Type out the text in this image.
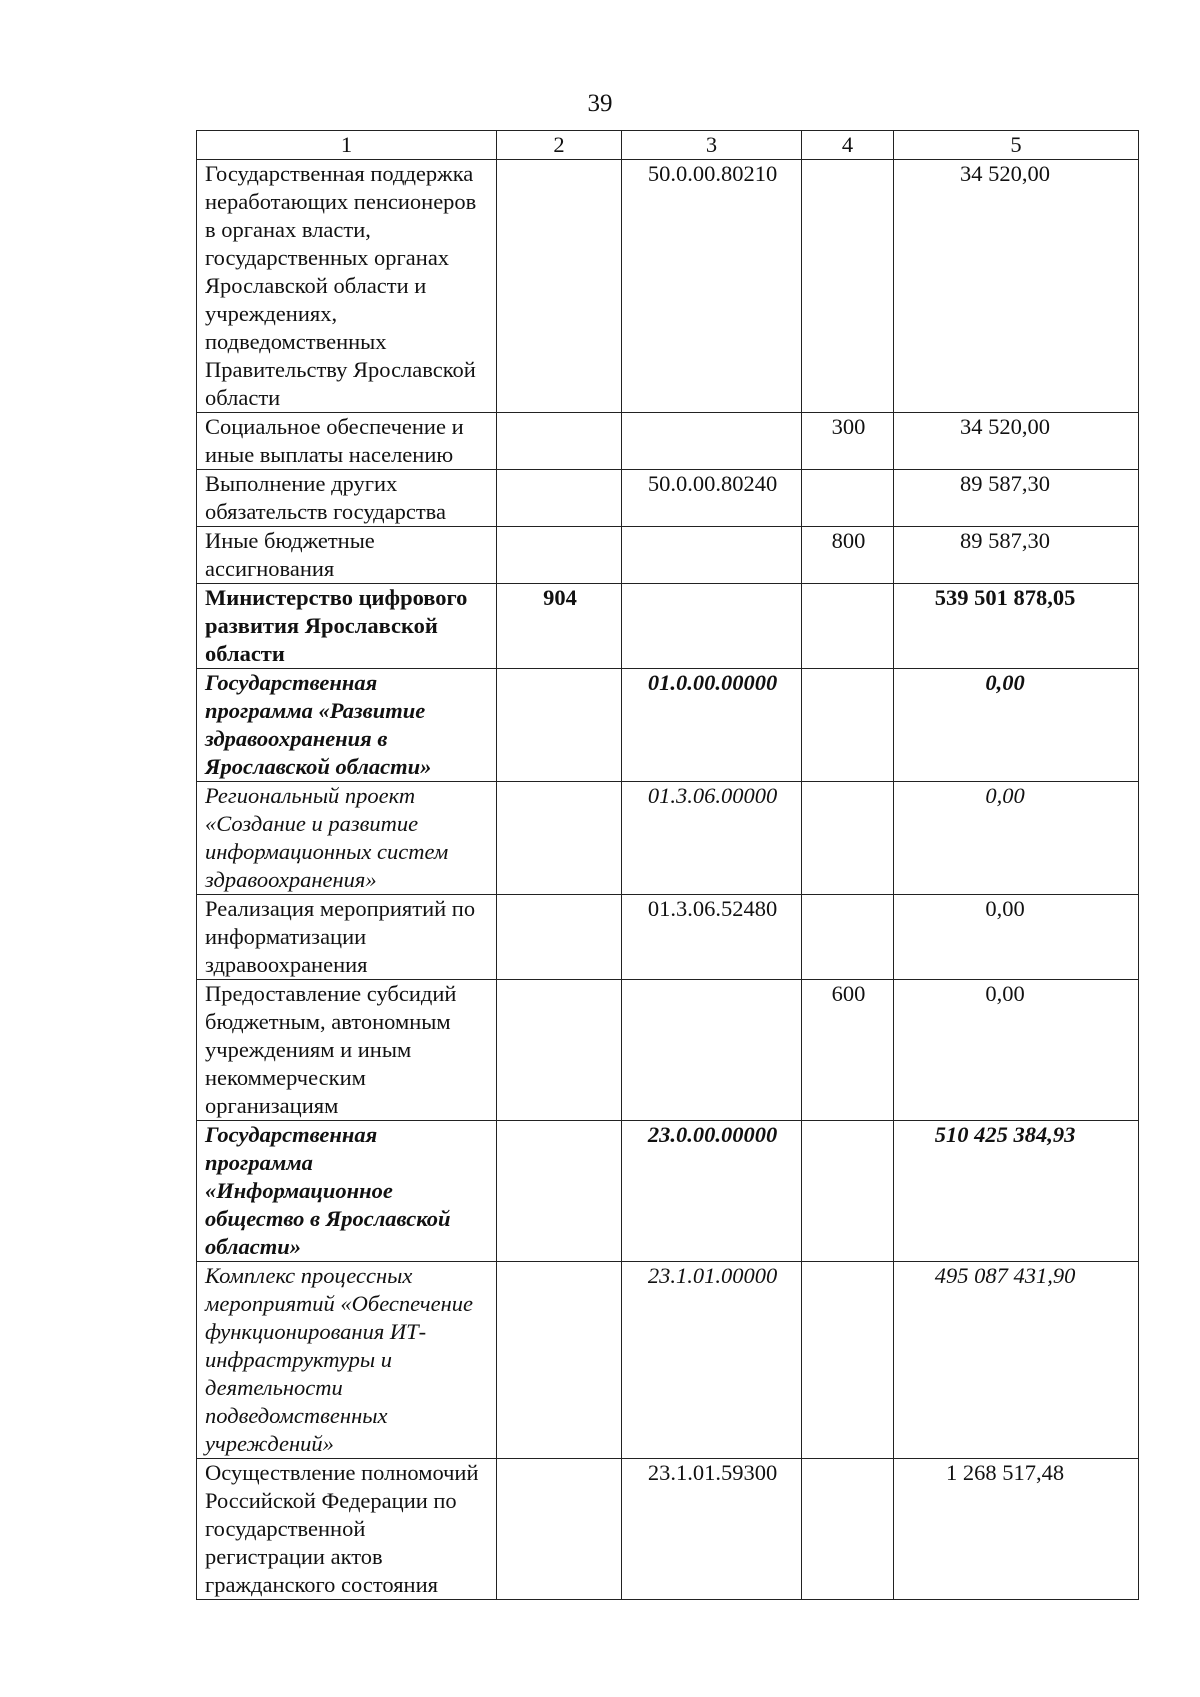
39
1	2	3	4	5
Государственная поддержка неработающих пенсионеров в органах власти, государственных органах Ярославской области и учреждениях, подведомственных Правительству Ярославской области		50.0.00.80210		34 520,00
Социальное обеспечение и иные выплаты населению			300	34 520,00
Выполнение других обязательств государства		50.0.00.80240		89 587,30
Иные бюджетные ассигнования			800	89 587,30
Министерство цифрового развития Ярославской области	904			539 501 878,05
Государственная программа «Развитие здравоохранения в Ярославской области»		01.0.00.00000		0,00
Региональный проект «Создание и развитие информационных систем здравоохранения»		01.3.06.00000		0,00
Реализация мероприятий по информатизации здравоохранения		01.3.06.52480		0,00
Предоставление субсидий бюджетным, автономным учреждениям и иным некоммерческим организациям			600	0,00
Государственная программа «Информационное общество в Ярославской области»		23.0.00.00000		510 425 384,93
Комплекс процессных мероприятий «Обеспечение функционирования ИТ-инфраструктуры и деятельности подведомственных учреждений»		23.1.01.00000		495 087 431,90
Осуществление полномочий Российской Федерации по государственной регистрации актов гражданского состояния		23.1.01.59300		1 268 517,48
